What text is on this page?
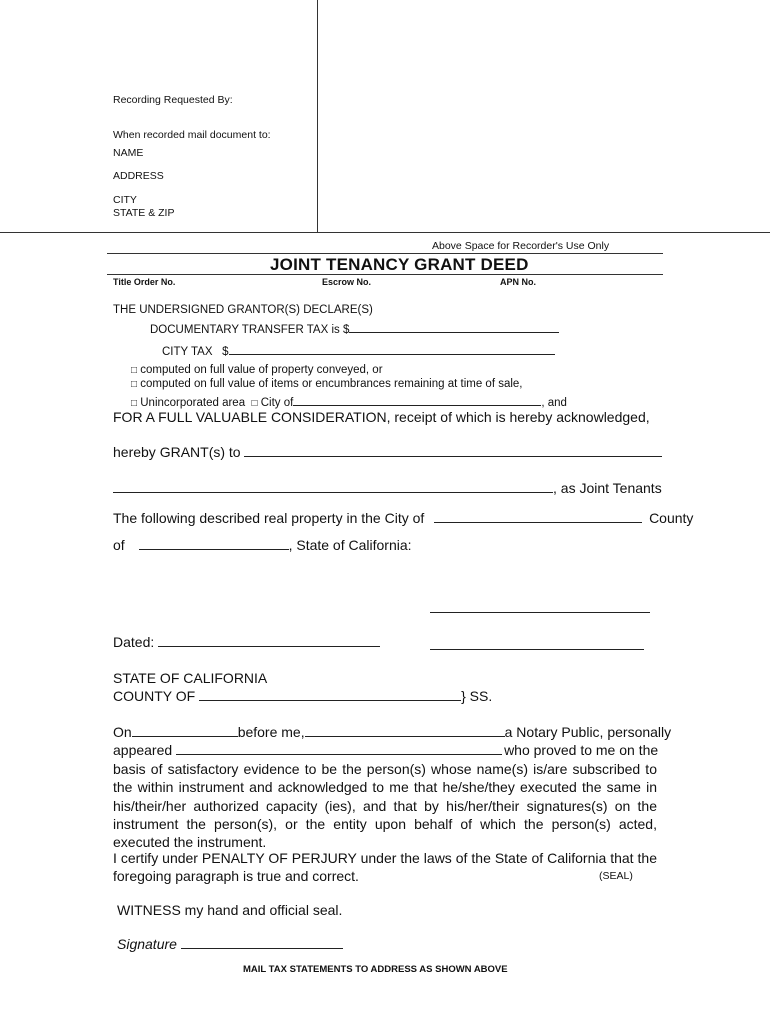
Recording Requested By:
When recorded mail document to:
NAME
ADDRESS
CITY
STATE & ZIP
Above Space for Recorder's Use Only
JOINT TENANCY GRANT DEED
Title Order No.	Escrow No.	APN No.
THE UNDERSIGNED GRANTOR(S) DECLARE(S)
DOCUMENTARY TRANSFER TAX is $
CITY TAX $
□ computed on full value of property conveyed, or
□ computed on full value of items or encumbrances remaining at time of sale,
□ Unincorporated area □ City of	, and
FOR A FULL VALUABLE CONSIDERATION, receipt of which is hereby acknowledged,
hereby GRANT(s) to
, as Joint Tenants
The following described real property in the City of	County
of	, State of California:
Dated:
STATE OF CALIFORNIA
COUNTY OF	} SS.
On	before me,	a Notary Public, personally
appeared	who proved to me on the
basis of satisfactory evidence to be the person(s) whose name(s) is/are subscribed to the within instrument and acknowledged to me that he/she/they executed the same in his/their/her authorized capacity (ies), and that by his/her/their signatures(s) on the instrument the person(s), or the entity upon behalf of which the person(s) acted, executed the instrument.
I certify under PENALTY OF PERJURY under the laws of the State of California that the foregoing paragraph is true and correct.	(SEAL)
WITNESS my hand and official seal.
Signature
MAIL TAX STATEMENTS TO ADDRESS AS SHOWN ABOVE
